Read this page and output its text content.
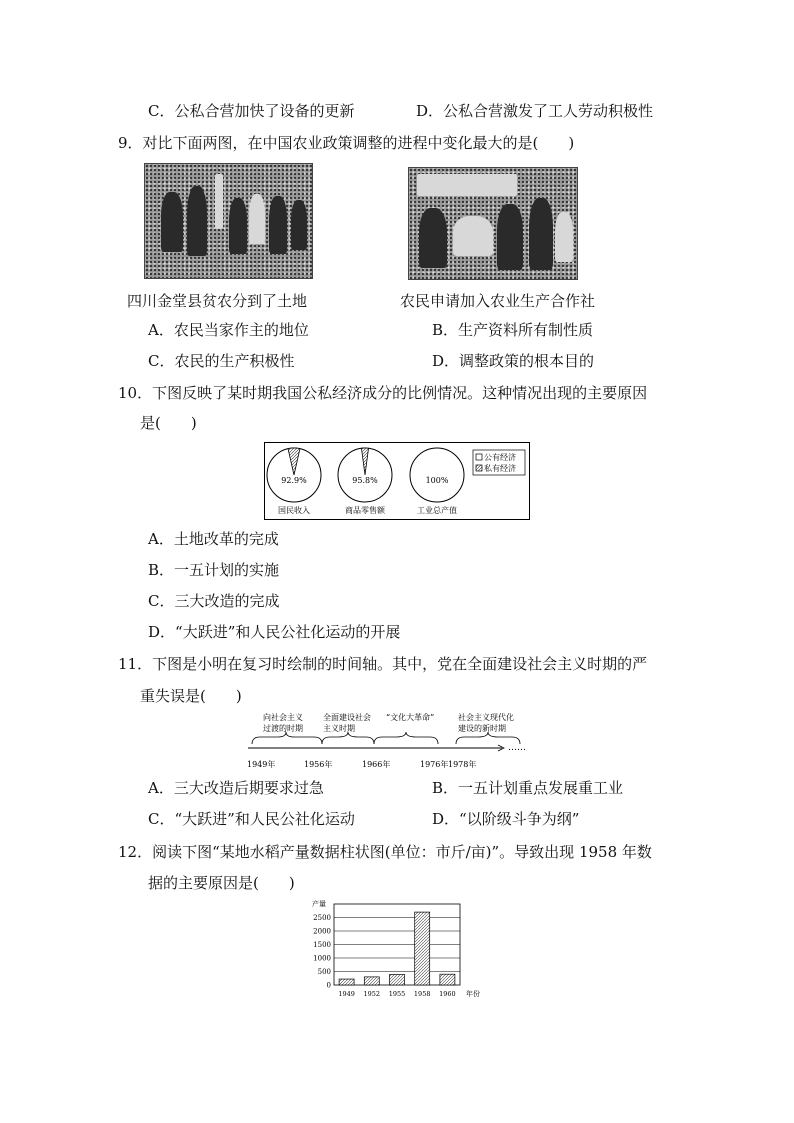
C．公私合营加快了设备的更新	D．公私合营激发了工人劳动积极性
9．对比下面两图，在中国农业政策调整的进程中变化最大的是(　　)
四川金堂县贫农分到了土地	农民申请加入农业生产合作社
A．农民当家作主的地位	B．生产资料所有制性质
C．农民的生产积极性	D．调整政策的根本目的
10．下图反映了某时期我国公私经济成分的比例情况。这种情况出现的主要原因
是(　　)
92.9%
国民收入
95.8%
商品零售额
100%
工业总产值
公有经济
私有经济
A．土地改革的完成
B．一五计划的实施
C．三大改造的完成
D．“大跃进”和人民公社化运动的开展
11．下图是小明在复习时绘制的时间轴。其中，党在全面建设社会主义时期的严
重失误是(　　)
向社会主义
过渡的时期
全面建设社会
主义时期
“文化大革命”	社会主义现代化
建设的新时期
……
1949年	1956年	1966年	1976年 1978年
A．三大改造后期要求过急	B．一五计划重点发展重工业
C．“大跃进”和人民公社化运动	D．“以阶级斗争为纲”
12．阅读下图“某地水稻产量数据柱状图(单位：市斤/亩)”。导致出现 1958 年数
据的主要原因是(　　)
产量
年份
0
500
1000
1500
2000
2500
1949 1952 1955 1958 1960
